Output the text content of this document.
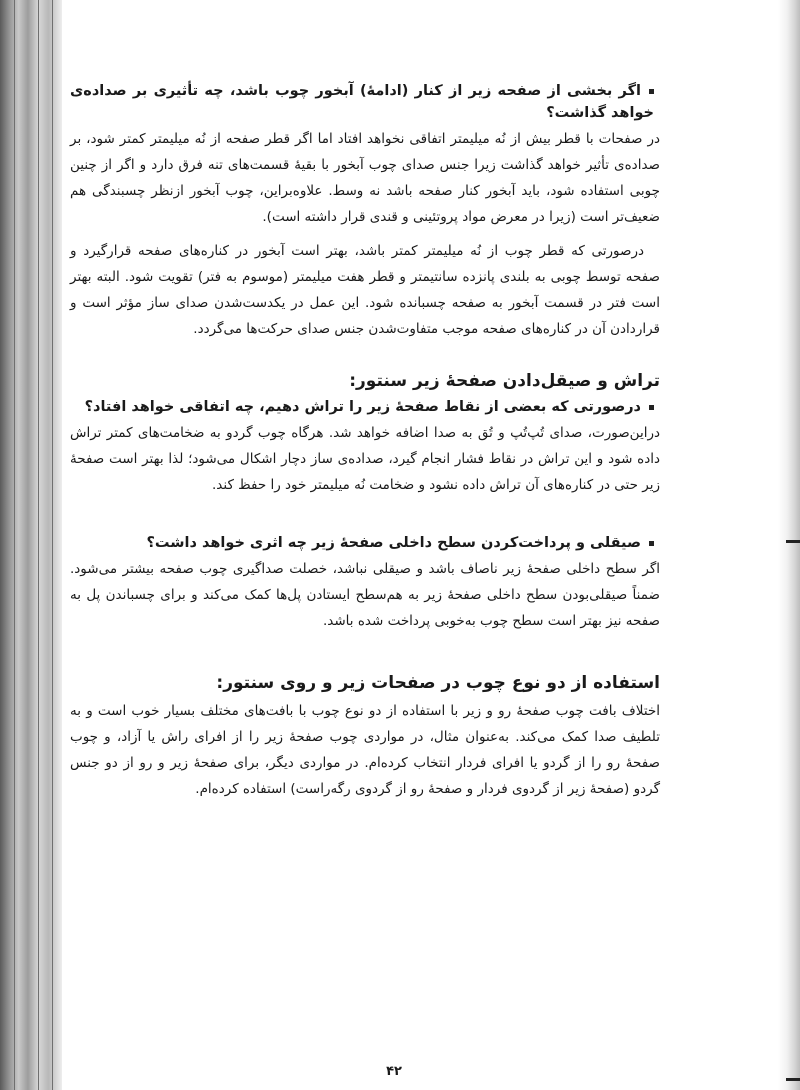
اگر بخشی از صفحه زیر از کنار (ادامهٔ) آبخور چوب باشد، چه تأثیری بر صداده‌ی خواهد گذاشت؟

در صفحات با قطر بیش از نُه میلیمتر اتفاقی نخواهد افتاد اما اگر قطر صفحه از نُه میلیمتر کمتر شود، بر صداده‌ی تأثیر خواهد گذاشت زیرا جنس صدای چوب آبخور با بقیهٔ قسمت‌های تنه فرق دارد و اگر از چنین چوبی استفاده شود، باید آبخور کنار صفحه باشد نه وسط. علاوه‌براین، چوب آبخور ازنظر چسبندگی هم ضعیف‌تر است (زیرا در معرض مواد پروتئینی و قندی قرار داشته است).

درصورتی که قطر چوب از نُه میلیمتر کمتر باشد، بهتر است آبخور در کناره‌های صفحه قرارگیرد و صفحه توسط چوبی به بلندی پانزده سانتیمتر و قطر هفت میلیمتر (موسوم به فتر) تقویت شود. البته بهتر است فتر در قسمت آبخور به صفحه چسبانده شود. این عمل در یکدست‌شدن صدای ساز مؤثر است و قراردادن آن در کناره‌های صفحه موجب متفاوت‌شدن جنس صدای حرکت‌ها می‌گردد.

تراش و صیقل‌دادن صفحهٔ زیر سنتور:
درصورتی که بعضی از نقاط صفحهٔ زیر را تراش دهیم، چه اتفاقی خواهد افتاد؟

دراین‌صورت، صدای تُپ‌تُپ و تُق به صدا اضافه خواهد شد. هرگاه چوب گردو به ضخامت‌های کمتر تراش داده شود و این تراش در نقاط فشار انجام گیرد، صداده‌ی ساز دچار اشکال می‌شود؛ لذا بهتر است صفحهٔ زیر حتی در کناره‌های آن تراش داده نشود و ضخامت نُه میلیمتر خود را حفظ کند.

صیقلی و پرداخت‌کردن سطح داخلی صفحهٔ زیر چه اثری خواهد داشت؟

اگر سطح داخلی صفحهٔ زیر ناصاف باشد و صیقلی نباشد، خصلت صداگیری چوب صفحه بیشتر می‌شود. ضمناً صیقلی‌بودن سطح داخلی صفحهٔ زیر به هم‌سطح ایستادن پل‌ها کمک می‌کند و برای چسباندن پل به صفحه نیز بهتر است سطح چوب به‌خوبی پرداخت شده باشد.

استفاده از دو نوع چوب در صفحات زیر و روی سنتور:

اختلاف بافت چوب صفحهٔ رو و زیر با استفاده از دو نوع چوب با بافت‌های مختلف بسیار خوب است و به تلطیف صدا کمک می‌کند. به‌عنوان مثال، در مواردی چوب صفحهٔ زیر را از افرای راش یا آزاد، و چوب صفحهٔ رو را از گردو یا افرای فردار انتخاب کرده‌ام. در مواردی دیگر، برای صفحهٔ زیر و رو از دو جنس گردو (صفحهٔ زیر از گردوی فردار و صفحهٔ رو از گردوی رگه‌راست) استفاده کرده‌ام.

۴۲
